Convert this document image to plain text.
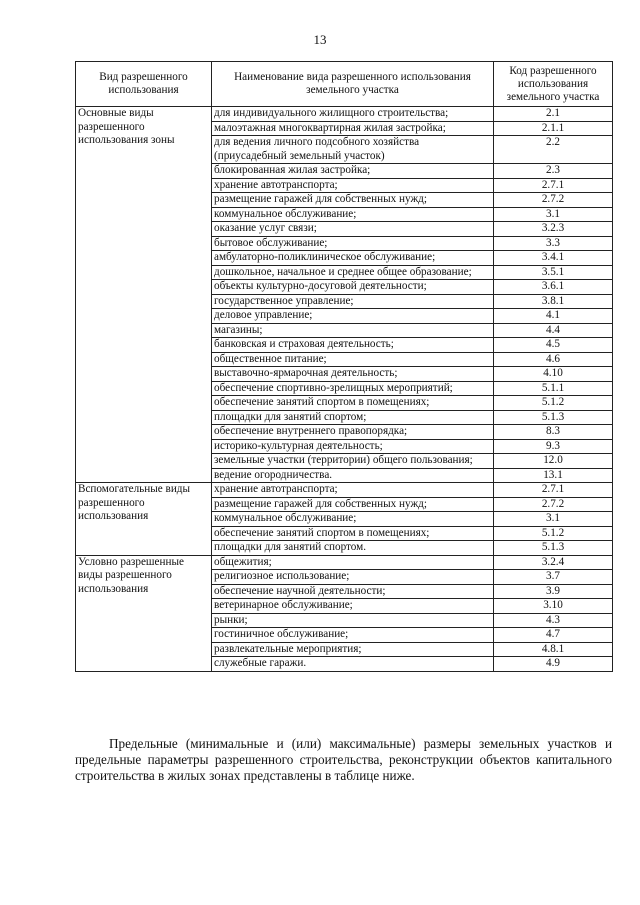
13
Вид разрешенного использования	Наименование вида разрешенного использования земельного участка	Код разрешенного использования земельного участка
Основные виды разрешенного использования зоны	для индивидуального жилищного строительства;	2.1
	малоэтажная многоквартирная жилая застройка;	2.1.1
	для ведения личного подсобного хозяйства (приусадебный земельный участок)	2.2
	блокированная жилая застройка;	2.3
	хранение автотранспорта;	2.7.1
	размещение гаражей для собственных нужд;	2.7.2
	коммунальное обслуживание;	3.1
	оказание услуг связи;	3.2.3
	бытовое обслуживание;	3.3
	амбулаторно-поликлиническое обслуживание;	3.4.1
	дошкольное, начальное и среднее общее образование;	3.5.1
	объекты культурно-досуговой деятельности;	3.6.1
	государственное управление;	3.8.1
	деловое управление;	4.1
	магазины;	4.4
	банковская и страховая деятельность;	4.5
	общественное питание;	4.6
	выставочно-ярмарочная деятельность;	4.10
	обеспечение спортивно-зрелищных мероприятий;	5.1.1
	обеспечение занятий спортом в помещениях;	5.1.2
	площадки для занятий спортом;	5.1.3
	обеспечение внутреннего правопорядка;	8.3
	историко-культурная деятельность;	9.3
	земельные участки (территории) общего пользования;	12.0
	ведение огородничества.	13.1
Вспомогательные виды разрешенного использования	хранение автотранспорта;	2.7.1
	размещение гаражей для собственных нужд;	2.7.2
	коммунальное обслуживание;	3.1
	обеспечение занятий спортом в помещениях;	5.1.2
	площадки для занятий спортом.	5.1.3
Условно разрешенные виды разрешенного использования	общежития;	3.2.4
	религиозное использование;	3.7
	обеспечение научной деятельности;	3.9
	ветеринарное обслуживание;	3.10
	рынки;	4.3
	гостиничное обслуживание;	4.7
	развлекательные мероприятия;	4.8.1
	служебные гаражи.	4.9

Предельные (минимальные и (или) максимальные) размеры земельных участков и предельные параметры разрешенного строительства, реконструкции объектов капитального строительства в жилых зонах представлены в таблице ниже.
